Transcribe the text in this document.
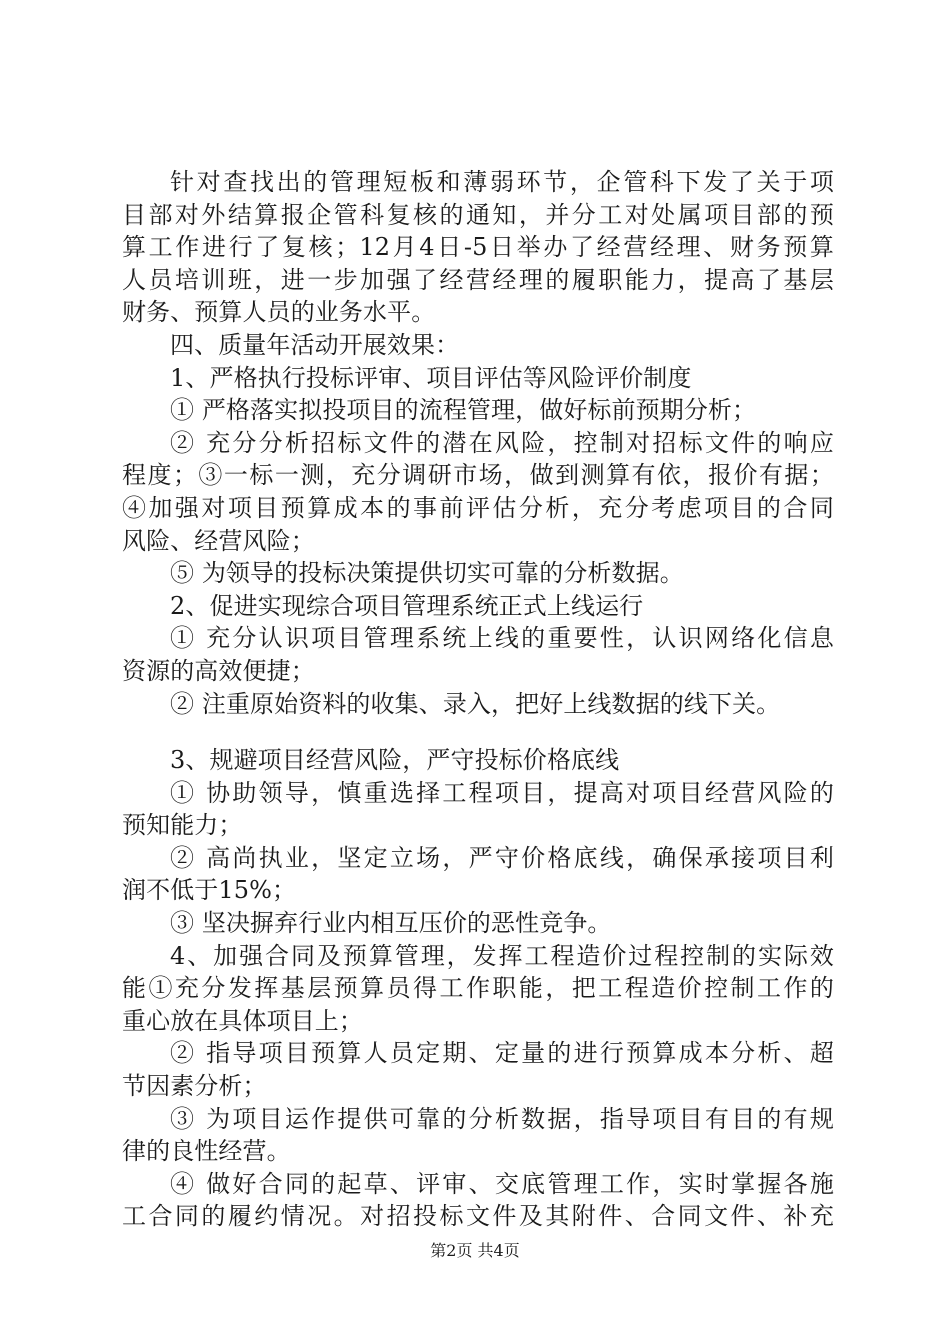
针对查找出的管理短板和薄弱环节，企管科下发了关于项
目部对外结算报企管科复核的通知，并分工对处属项目部的预
算工作进行了复核；12月4日-5日举办了经营经理、财务预算
人员培训班，进一步加强了经营经理的履职能力，提高了基层
财务、预算人员的业务水平。
四、质量年活动开展效果：
1、严格执行投标评审、项目评估等风险评价制度
① 严格落实拟投项目的流程管理，做好标前预期分析；
② 充分分析招标文件的潜在风险，控制对招标文件的响应
程度；③一标一测，充分调研市场，做到测算有依，报价有据；
④加强对项目预算成本的事前评估分析，充分考虑项目的合同
风险、经营风险；
⑤ 为领导的投标决策提供切实可靠的分析数据。
2、促进实现综合项目管理系统正式上线运行
① 充分认识项目管理系统上线的重要性，认识网络化信息
资源的高效便捷；
② 注重原始资料的收集、录入，把好上线数据的线下关。
3、规避项目经营风险，严守投标价格底线
① 协助领导，慎重选择工程项目，提高对项目经营风险的
预知能力；
② 高尚执业，坚定立场，严守价格底线，确保承接项目利
润不低于15%；
③ 坚决摒弃行业内相互压价的恶性竞争。
4、加强合同及预算管理，发挥工程造价过程控制的实际效
能①充分发挥基层预算员得工作职能，把工程造价控制工作的
重心放在具体项目上；
② 指导项目预算人员定期、定量的进行预算成本分析、超
节因素分析；
③ 为项目运作提供可靠的分析数据，指导项目有目的有规
律的良性经营。
④ 做好合同的起草、评审、交底管理工作，实时掌握各施
工合同的履约情况。对招投标文件及其附件、合同文件、补充
第2页 共4页
